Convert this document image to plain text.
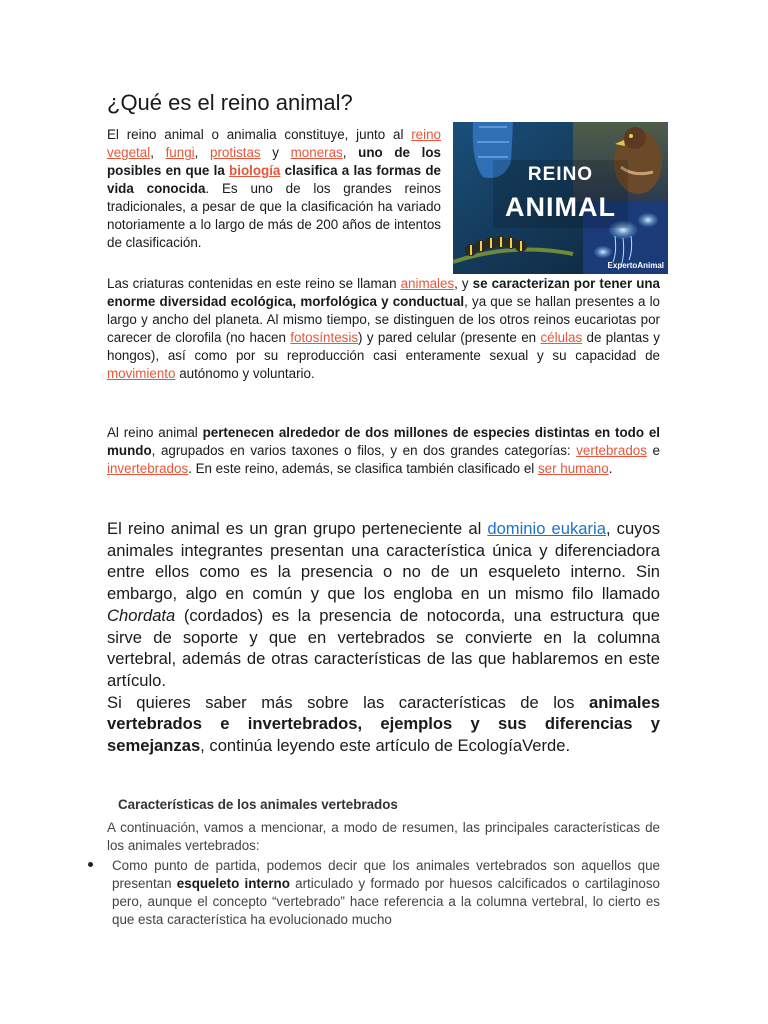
¿Qué es el reino animal?
REINO
ANIMAL
ExpertoAnimal

El reino animal o animalia constituye, junto al reino vegetal, fungi, protistas y moneras, uno de los posibles en que la biología clasifica a las formas de vida conocida. Es uno de los grandes reinos tradicionales, a pesar de que la clasificación ha variado notoriamente a lo largo de más de 200 años de intentos de clasificación.

Las criaturas contenidas en este reino se llaman animales, y se caracterizan por tener una enorme diversidad ecológica, morfológica y conductual, ya que se hallan presentes a lo largo y ancho del planeta. Al mismo tiempo, se distinguen de los otros reinos eucariotas por carecer de clorofila (no hacen fotosíntesis) y pared celular (presente en células de plantas y hongos), así como por su reproducción casi enteramente sexual y su capacidad de movimiento autónomo y voluntario.

Al reino animal pertenecen alrededor de dos millones de especies distintas en todo el mundo, agrupados en varios taxones o filos, y en dos grandes categorías: vertebrados e invertebrados. En este reino, además, se clasifica también clasificado el ser humano.

El reino animal es un gran grupo perteneciente al dominio eukaria, cuyos animales integrantes presentan una característica única y diferenciadora entre ellos como es la presencia o no de un esqueleto interno. Sin embargo, algo en común y que los engloba en un mismo filo llamado Chordata (cordados) es la presencia de notocorda, una estructura que sirve de soporte y que en vertebrados se convierte en la columna vertebral, además de otras características de las que hablaremos en este artículo.

Si quieres saber más sobre las características de los animales vertebrados e invertebrados, ejemplos y sus diferencias y semejanzas, continúa leyendo este artículo de EcologíaVerde.

Características de los animales vertebrados

A continuación, vamos a mencionar, a modo de resumen, las principales características de los animales vertebrados:

Como punto de partida, podemos decir que los animales vertebrados son aquellos que presentan esqueleto interno articulado y formado por huesos calcificados o cartilaginoso pero, aunque el concepto “vertebrado” hace referencia a la columna vertebral, lo cierto es que esta característica ha evolucionado mucho
